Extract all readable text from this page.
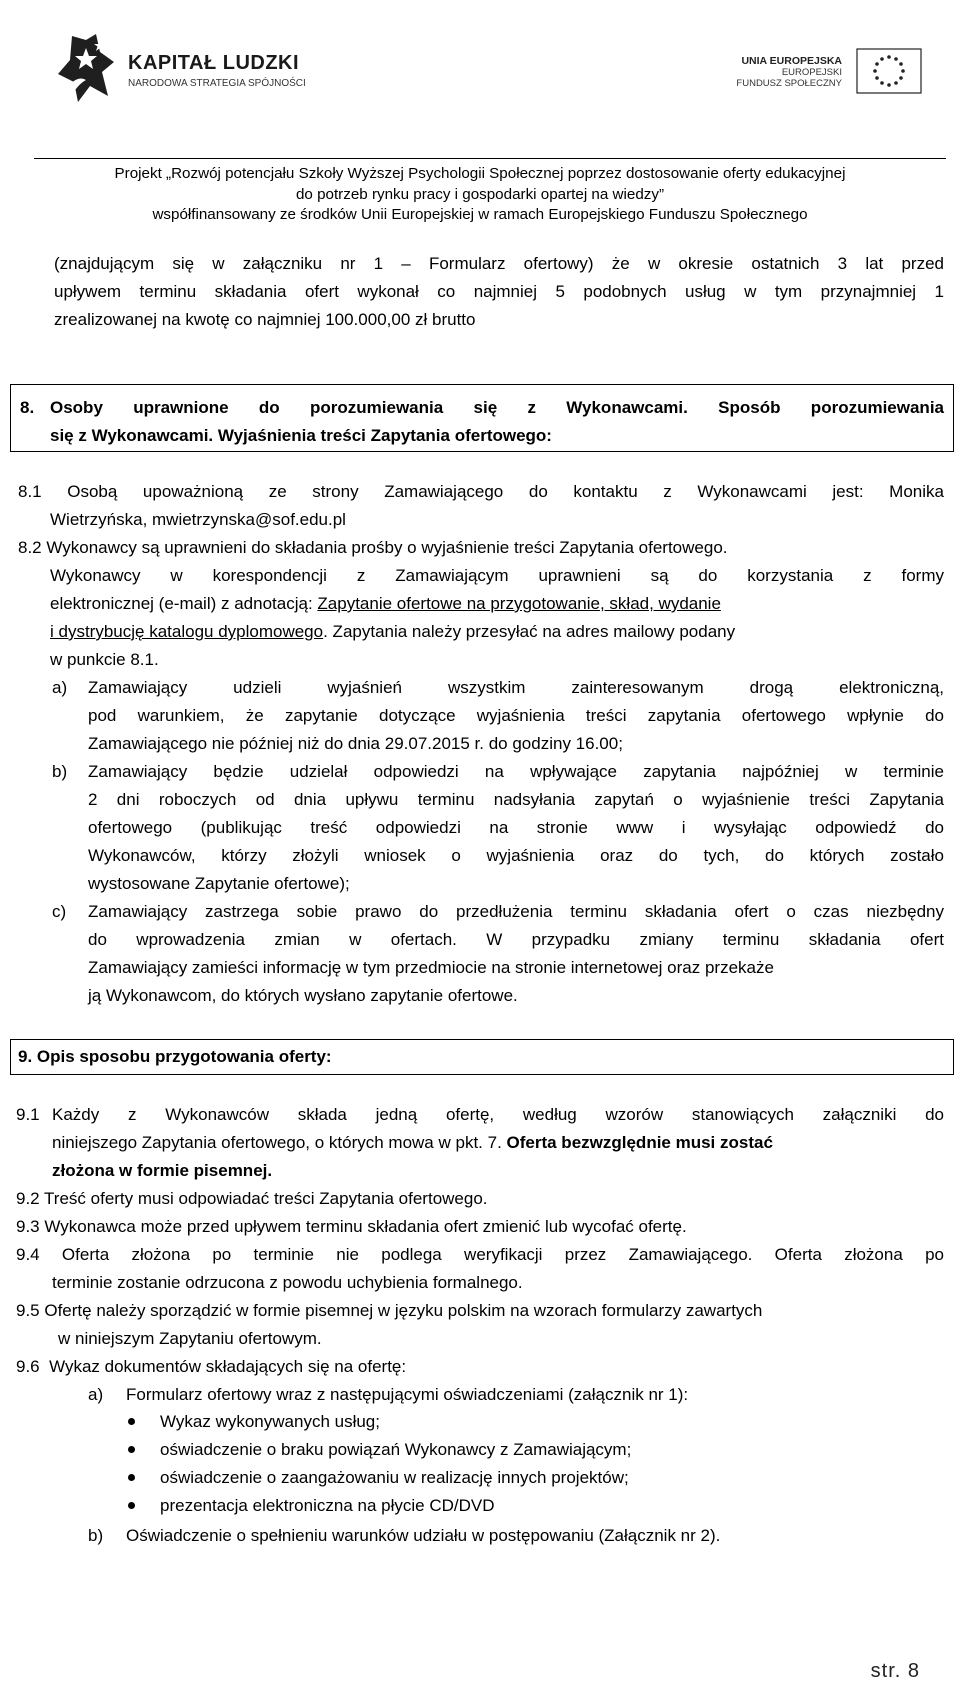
KAPITAŁ LUDZKI
NARODOWA STRATEGIA SPÓJNOŚCI
UNIA EUROPEJSKA
EUROPEJSKI
FUNDUSZ SPOŁECZNY
Projekt „Rozwój potencjału Szkoły Wyższej Psychologii Społecznej poprzez dostosowanie oferty edukacyjnej
do potrzeb rynku pracy i gospodarki opartej na wiedzy”
współfinansowany ze środków Unii Europejskiej w ramach Europejskiego Funduszu Społecznego
(znajdującym się w załączniku nr 1 – Formularz ofertowy) że w okresie ostatnich 3 lat przed
upływem terminu składania ofert wykonał co najmniej 5 podobnych usług w tym przynajmniej 1
zrealizowanej na kwotę co najmniej 100.000,00 zł brutto
8. Osoby uprawnione do porozumiewania się z Wykonawcami. Sposób porozumiewania
się z Wykonawcami. Wyjaśnienia treści Zapytania ofertowego:
8.1 Osobą upoważnioną ze strony Zamawiającego do kontaktu z Wykonawcami jest: Monika
Wietrzyńska, mwietrzynska@sof.edu.pl
8.2 Wykonawcy są uprawnieni do składania prośby o wyjaśnienie treści Zapytania ofertowego.
Wykonawcy w korespondencji z Zamawiającym uprawnieni są do korzystania z formy
elektronicznej (e-mail) z adnotacją: Zapytanie ofertowe na przygotowanie, skład, wydanie
i dystrybucję katalogu dyplomowego. Zapytania należy przesyłać na adres mailowy podany
w punkcie 8.1.
a) Zamawiający udzieli wyjaśnień wszystkim zainteresowanym drogą elektroniczną,
pod warunkiem, że zapytanie dotyczące wyjaśnienia treści zapytania ofertowego wpłynie do
Zamawiającego nie później niż do dnia 29.07.2015 r. do godziny 16.00;
b) Zamawiający będzie udzielał odpowiedzi na wpływające zapytania najpóźniej w terminie
2 dni roboczych od dnia upływu terminu nadsyłania zapytań o wyjaśnienie treści Zapytania
ofertowego (publikując treść odpowiedzi na stronie www i wysyłając odpowiedź do
Wykonawców, którzy złożyli wniosek o wyjaśnienia oraz do tych, do których zostało
wystosowane Zapytanie ofertowe);
c) Zamawiający zastrzega sobie prawo do przedłużenia terminu składania ofert o czas niezbędny
do wprowadzenia zmian w ofertach. W przypadku zmiany terminu składania ofert
Zamawiający zamieści informację w tym przedmiocie na stronie internetowej oraz przekaże
ją Wykonawcom, do których wysłano zapytanie ofertowe.
9. Opis sposobu przygotowania oferty:
9.1 Każdy z Wykonawców składa jedną ofertę, według wzorów stanowiących załączniki do
niniejszego Zapytania ofertowego, o których mowa w pkt. 7. Oferta bezwzględnie musi zostać
złożona w formie pisemnej.
9.2 Treść oferty musi odpowiadać treści Zapytania ofertowego.
9.3 Wykonawca może przed upływem terminu składania ofert zmienić lub wycofać ofertę.
9.4 Oferta złożona po terminie nie podlega weryfikacji przez Zamawiającego. Oferta złożona po
terminie zostanie odrzucona z powodu uchybienia formalnego.
9.5 Ofertę należy sporządzić w formie pisemnej w języku polskim na wzorach formularzy zawartych
w niniejszym Zapytaniu ofertowym.
9.6  Wykaz dokumentów składających się na ofertę:
a) Formularz ofertowy wraz z następującymi oświadczeniami (załącznik nr 1):
Wykaz wykonywanych usług;
oświadczenie o braku powiązań Wykonawcy z Zamawiającym;
oświadczenie o zaangażowaniu w realizację innych projektów;
prezentacja elektroniczna na płycie CD/DVD
b) Oświadczenie o spełnieniu warunków udziału w postępowaniu (Załącznik nr 2).
str. 8
